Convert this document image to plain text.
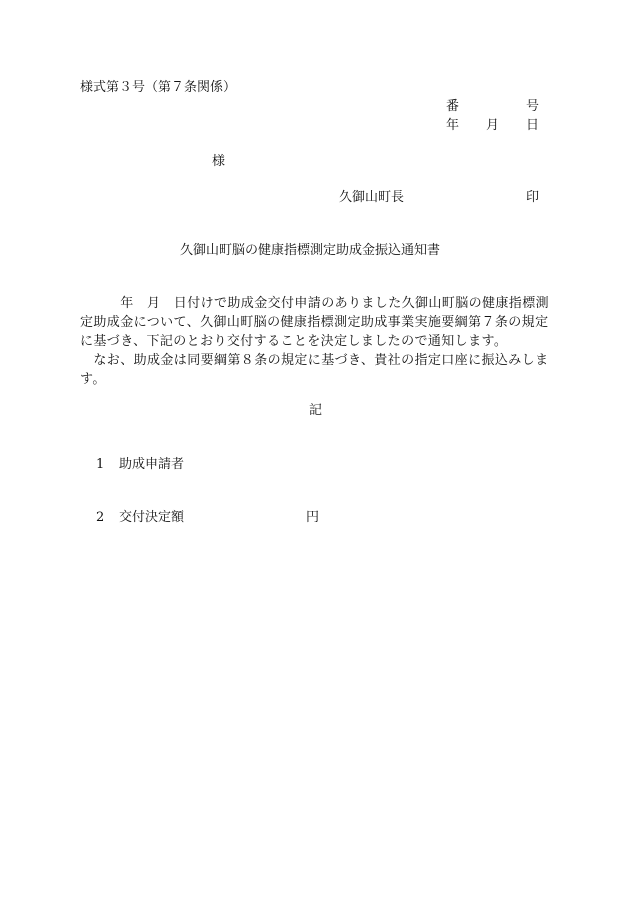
様式第３号（第７条関係）
番	号
年 月 日
様
久御山町長	印
久御山町脳の健康指標測定助成金振込通知書

　　　年　月　日付けで助成金交付申請のありました久御山町脳の健康指標測

定助成金について、久御山町脳の健康指標測定助成事業実施要綱第７条の規定

に基づき、下記のとおり交付することを決定しましたので通知します。

　なお、助成金は同要綱第８条の規定に基づき、貴社の指定口座に振込みしま

す。

記
1 助成申請者
2 交付決定額	円
